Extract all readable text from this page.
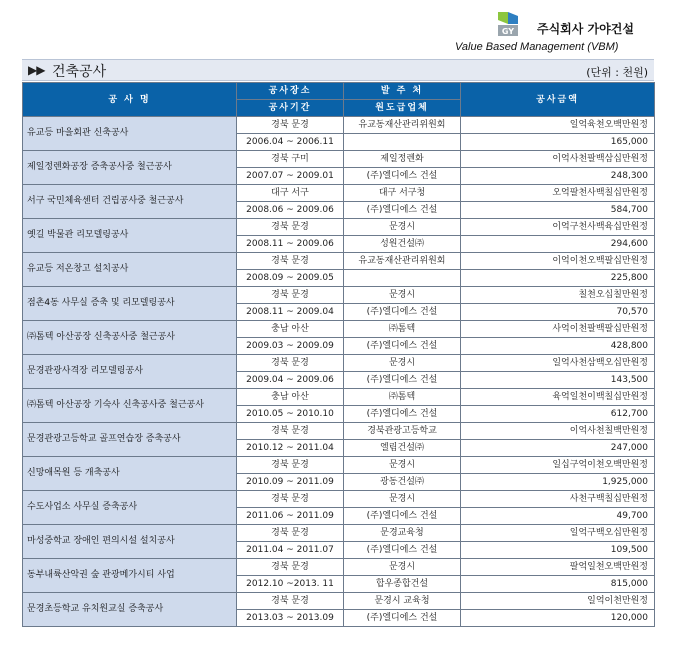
GY 주식회사 가야건설
Value Based Management (VBM)
▶▶ 건축공사	(단위 : 천원)
공 사 명	공사장소	발 주 처	공사금액
	공사기간	원도급업체	
유교등 마을회관 신축공사	경북 문경	유교동재산관리위원회	일억육천오백만원정
	2006.04 ~ 2006.11		165,000
제일정렌화공장 증축공사중 철근공사	경북 구미	제일정렌화	이억사천팔백삼십만원정
	2007.07 ~ 2009.01	(주)엘디에스 건설	248,300
서구 국민체육센터 건립공사중 철근공사	대구 서구	대구 서구청	오억팔천사백칠십만원정
	2008.06 ~ 2009.06	(주)엘디에스 건설	584,700
옛길 박물관 리모델링공사	경북 문경	문경시	이억구천사백육십만원정
	2008.11 ~ 2009.06	성원건설㈜	294,600
유교등 저온창고 설치공사	경북 문경	유교동재산관리위원회	이억이천오백팔십만원정
	2008.09 ~ 2009.05		225,800
점촌4동 사무실 증축 및 리모델링공사	경북 문경	문경시	칠천오십칠만원정
	2008.11 ~ 2009.04	(주)엘디에스 건설	70,570
㈜톰텍 아산공장 신축공사중 철근공사	충남 아산	㈜톰텍	사억이천팔백팔십만원정
	2009.03 ~ 2009.09	(주)엘디에스 건설	428,800
문경관광사격장 리모델링공사	경북 문경	문경시	일억사천삼백오십만원정
	2009.04 ~ 2009.06	(주)엘디에스 건설	143,500
㈜톰텍 아산공장 기숙사 신축공사중 철근공사	충남 아산	㈜톰텍	육억일천이백칠십만원정
	2010.05 ~ 2010.10	(주)엘디에스 건설	612,700
문경관광고등학교 골프연습장 증축공사	경북 문경	경북관광고등학교	이억사천칠백만원정
	2010.12 ~ 2011.04	엘림건설㈜	247,000
신망애목원 등 개축공사	경북 문경	문경시	일십구억이천오백만원정
	2010.09 ~ 2011.09	광동건설㈜	1,925,000
수도사업소 사무실 증축공사	경북 문경	문경시	사천구백칠십만원정
	2011.06 ~ 2011.09	(주)엘디에스 건설	49,700
마성중학교 장애인 편의시설 설치공사	경북 문경	문경교육청	일억구백오십만원정
	2011.04 ~ 2011.07	(주)엘디에스 건설	109,500
동부내륙산악권 숲 관광메가시티 사업	경북 문경	문경시	팔억일천오백만원정
	2012.10 ~2013. 11	합우종합건설	815,000
문경초등학교 유치원교실 증축공사	경북 문경	문경시 교육청	일억이천만원정
	2013.03 ~ 2013.09	(주)엘디에스 건설	120,000
